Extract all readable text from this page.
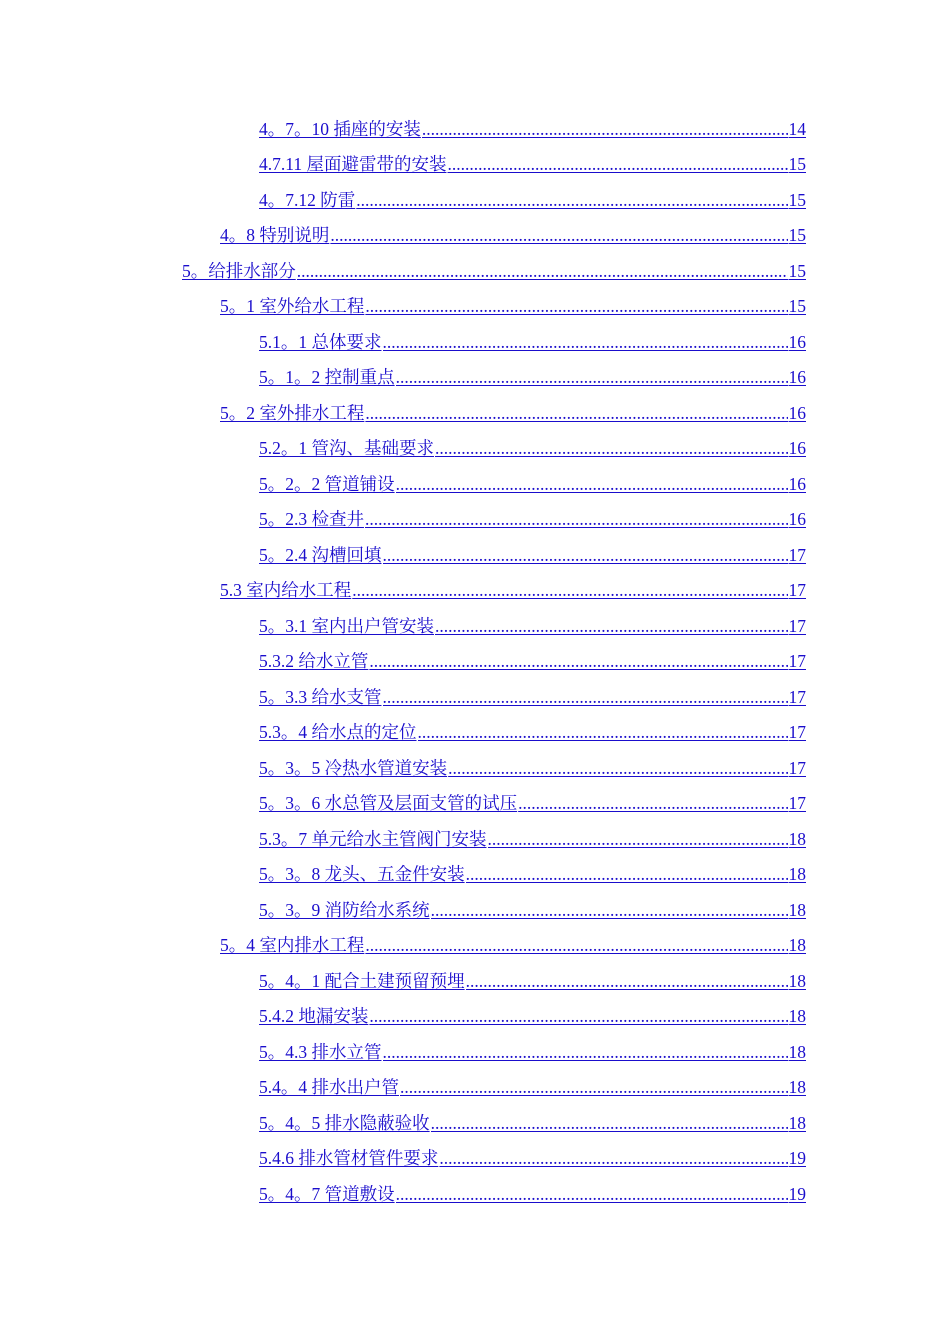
4。7。10 插座的安装 .....	14
4.7.11 屋面避雷带的安装 .....	15
4。7.12 防雷 .....	15
4。8 特别说明 .....	15
5。给排水部分 .....	15
5。1 室外给水工程 .....	15
5.1。1 总体要求 .....	16
5。1。2 控制重点 .....	16
5。2 室外排水工程 .....	16
5.2。1 管沟、基础要求 .....	16
5。2。2 管道铺设 .....	16
5。2.3 检查井 .....	16
5。2.4 沟槽回填 .....	17
5.3 室内给水工程 .....	17
5。3.1 室内出户管安装 .....	17
5.3.2 给水立管 .....	17
5。3.3 给水支管 .....	17
5.3。4 给水点的定位 .....	17
5。3。5 冷热水管道安装 .....	17
5。3。6 水总管及层面支管的试压 .....	17
5.3。7 单元给水主管阀门安装 .....	18
5。3。8 龙头、五金件安装 .....	18
5。3。9 消防给水系统 .....	18
5。4 室内排水工程 .....	18
5。4。1 配合土建预留预埋 .....	18
5.4.2 地漏安装 .....	18
5。4.3 排水立管 .....	18
5.4。4 排水出户管 .....	18
5。4。5 排水隐蔽验收 .....	18
5.4.6 排水管材管件要求 .....	19
5。4。7 管道敷设 .....	19
